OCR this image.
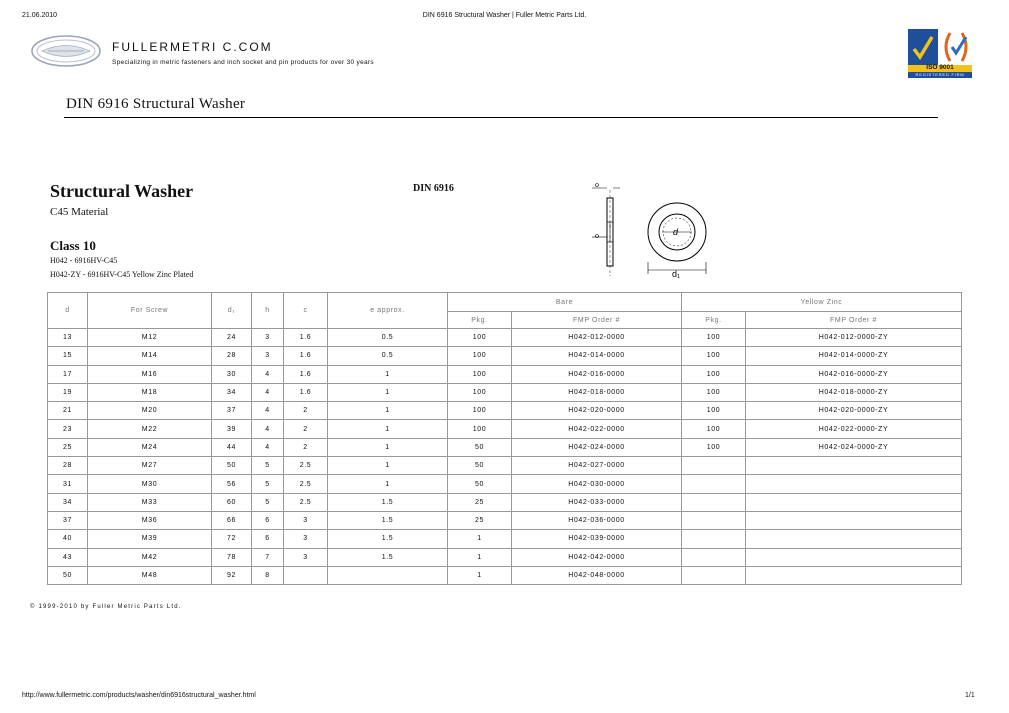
21.06.2010	DIN 6916 Structural Washer | Fuller Metric Parts Ltd.
FULLERMETRI C.COM
Specializing in metric fasteners and inch socket and pin products for over 30 years
ISO 9001
REGISTERED FIRM
DIN 6916 Structural Washer
Structural Washer
C45 Material
Class 10
H042 - 6916HV-C45
H042-ZY - 6916HV-C45 Yellow Zinc Plated
DIN 6916
d
d₁
d	For Screw	d₁	h	c	e approx.	Bare		Yellow Zinc	
						Pkg.	FMP Order #	Pkg.	FMP Order #
13	M12	24	3	1.6	0.5	100	H042-012-0000	100	H042-012-0000-ZY
15	M14	28	3	1.6	0.5	100	H042-014-0000	100	H042-014-0000-ZY
17	M16	30	4	1.6	1	100	H042-016-0000	100	H042-016-0000-ZY
19	M18	34	4	1.6	1	100	H042-018-0000	100	H042-018-0000-ZY
21	M20	37	4	2	1	100	H042-020-0000	100	H042-020-0000-ZY
23	M22	39	4	2	1	100	H042-022-0000	100	H042-022-0000-ZY
25	M24	44	4	2	1	50	H042-024-0000	100	H042-024-0000-ZY
28	M27	50	5	2.5	1	50	H042-027-0000		
31	M30	56	5	2.5	1	50	H042-030-0000		
34	M33	60	5	2.5	1.5	25	H042-033-0000		
37	M36	66	6	3	1.5	25	H042-036-0000		
40	M39	72	6	3	1.5	1	H042-039-0000		
43	M42	78	7	3	1.5	1	H042-042-0000		
50	M48	92	8			1	H042-048-0000		
© 1999-2010 by Fuller Metric Parts Ltd.
http://www.fullermetric.com/products/washer/din6916structural_washer.html	1/1
